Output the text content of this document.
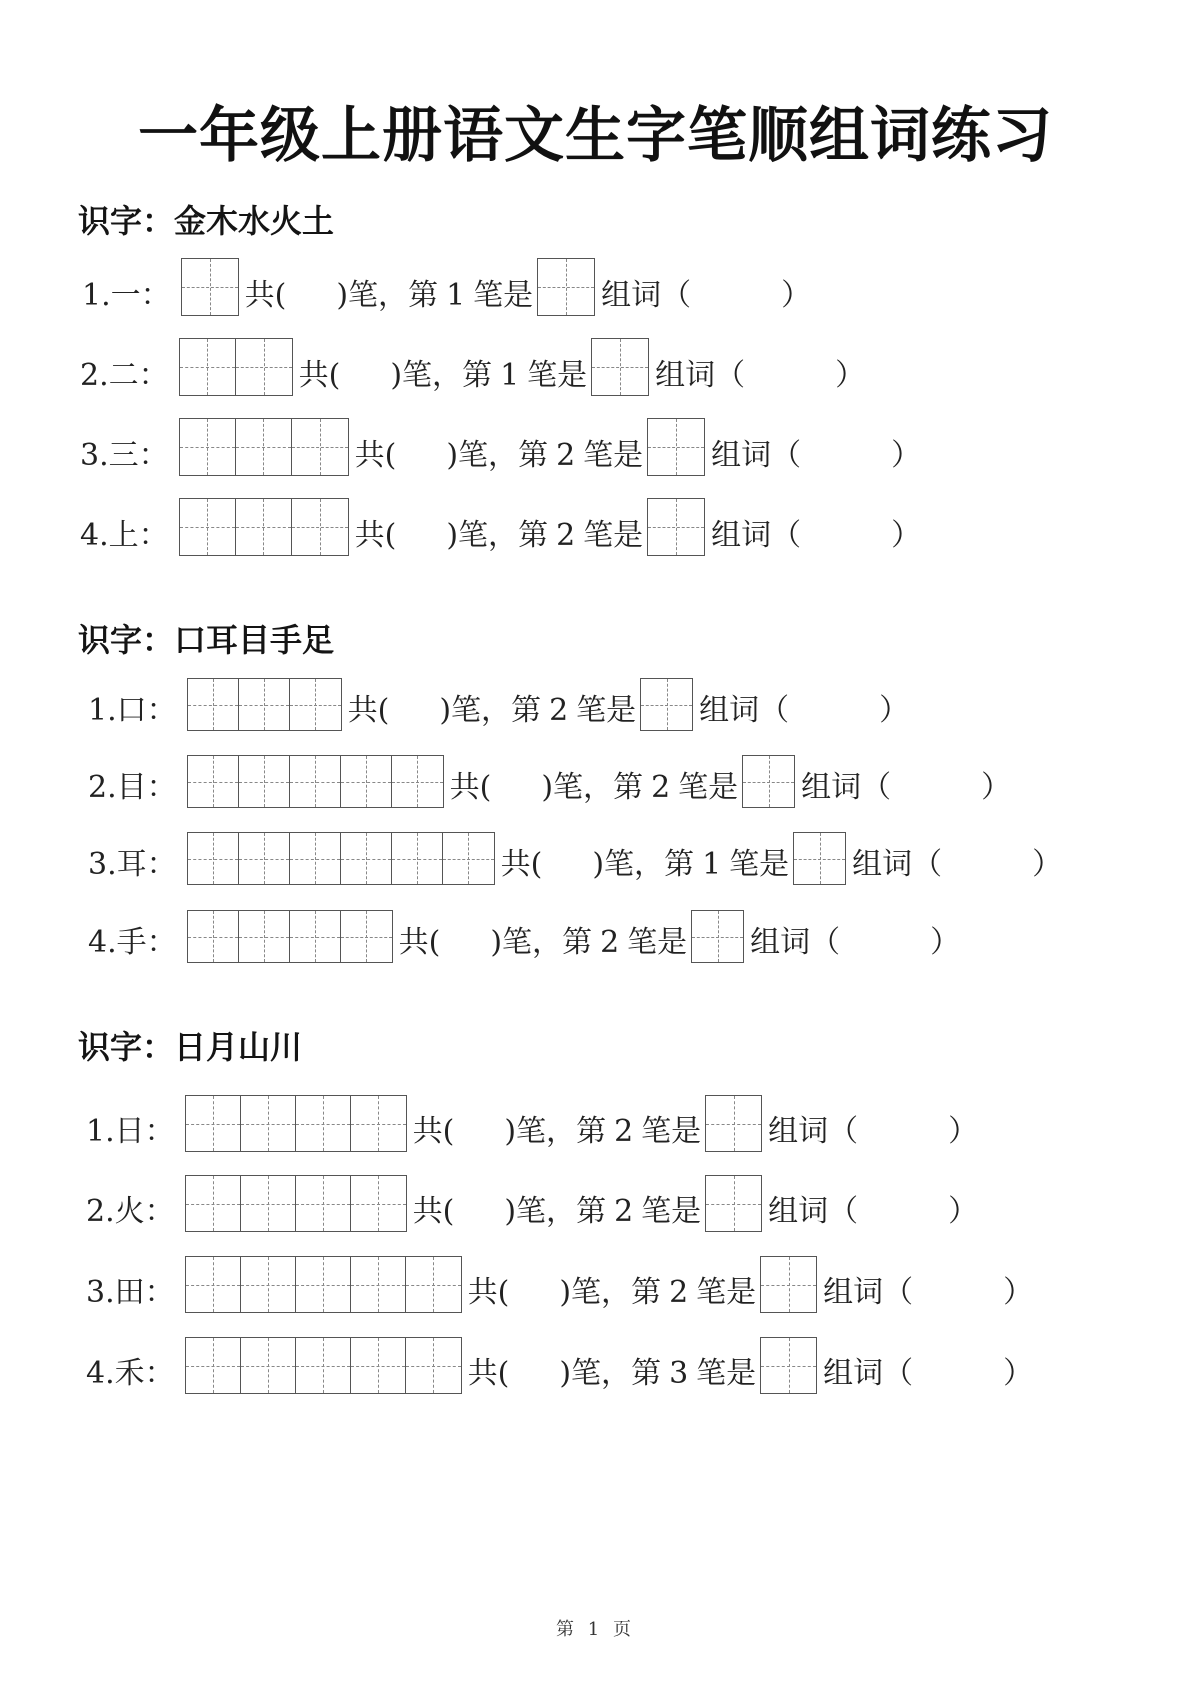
一年级上册语文生字笔顺组词练习
识字：金木水火土
1.一： 共( )笔， 第 1 笔是 组词（	）
2.二：	共( )笔， 第 1 笔是 组词（	）
3.三：	共( )笔， 第 2 笔是 组词（	）
4.上：	共( )笔， 第 2 笔是 组词（	）
识字：口耳目手足
1.口：	共( )笔， 第 2 笔是 组词（	）
2.目：	共( )笔， 第 2 笔是 组词（	）
3.耳：	共( )笔， 第 1 笔是 组词（	）
4.手：	共( )笔， 第 2 笔是 组词（	）
识字：日月山川
1.日：	共( )笔， 第 2 笔是 组词（	）
2.火：	共( )笔， 第 2 笔是 组词（	）
3.田：	共( )笔， 第 2 笔是 组词（	）
4.禾：	共( )笔， 第 3 笔是 组词（	）
第 1 页
